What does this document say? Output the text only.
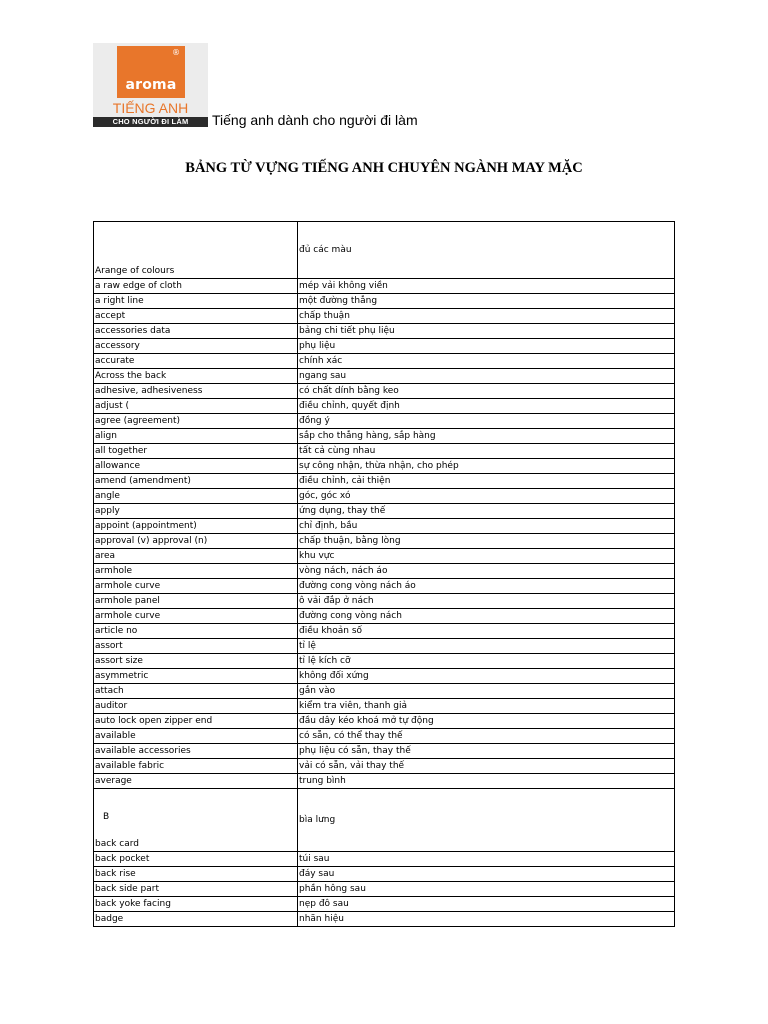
aroma
®
TIẾNG ANH
CHO NGƯỜI ĐI LÀM	Tiếng anh dành cho người đi làm
BẢNG TỪ VỰNG TIẾNG ANH CHUYÊN NGÀNH MAY MẶC
Arange of colours	đủ các màu
a raw edge of cloth	mép vải không viền
a right line	một đường thẳng
accept	chấp thuận
accessories data	bảng chi tiết phụ liệu
accessory	phụ liệu
accurate	chính xác
Across the back	ngang sau
adhesive, adhesiveness	có chất dính bằng keo
adjust (	điều chỉnh, quyết định
agree (agreement)	đồng ý
align	sắp cho thẳng hàng, sắp hàng
all together	tất cả cùng nhau
allowance	sự công nhận, thừa nhận, cho phép
amend (amendment)	điều chỉnh, cải thiện
angle	góc, góc xó
apply	ứng dụng, thay thế
appoint (appointment)	chỉ định, bầu
approval (v) approval (n)	chấp thuận, bằng lòng
area	khu vực
armhole	vòng nách, nách áo
armhole curve	đường cong vòng nách áo
armhole panel	ô vải đắp ở nách
armhole curve	đường cong vòng nách
article no	điều khoản số
assort	tỉ lệ
assort size	tỉ lệ kích cỡ
asymmetric	không đối xứng
attach	gắn vào
auditor	kiểm tra viên, thanh giả
auto lock open zipper end	đầu dây kéo khoá mở tự động
available	có sẵn, có thể thay thế
available accessories	phụ liệu có sẵn, thay thế
available fabric	vải có sẵn, vải thay thế
average	trung bình

B
back card	bìa lưng
back pocket	túi sau
back rise	đáy sau
back side part	phần hông sau
back yoke facing	nẹp đô sau
badge	nhãn hiệu
